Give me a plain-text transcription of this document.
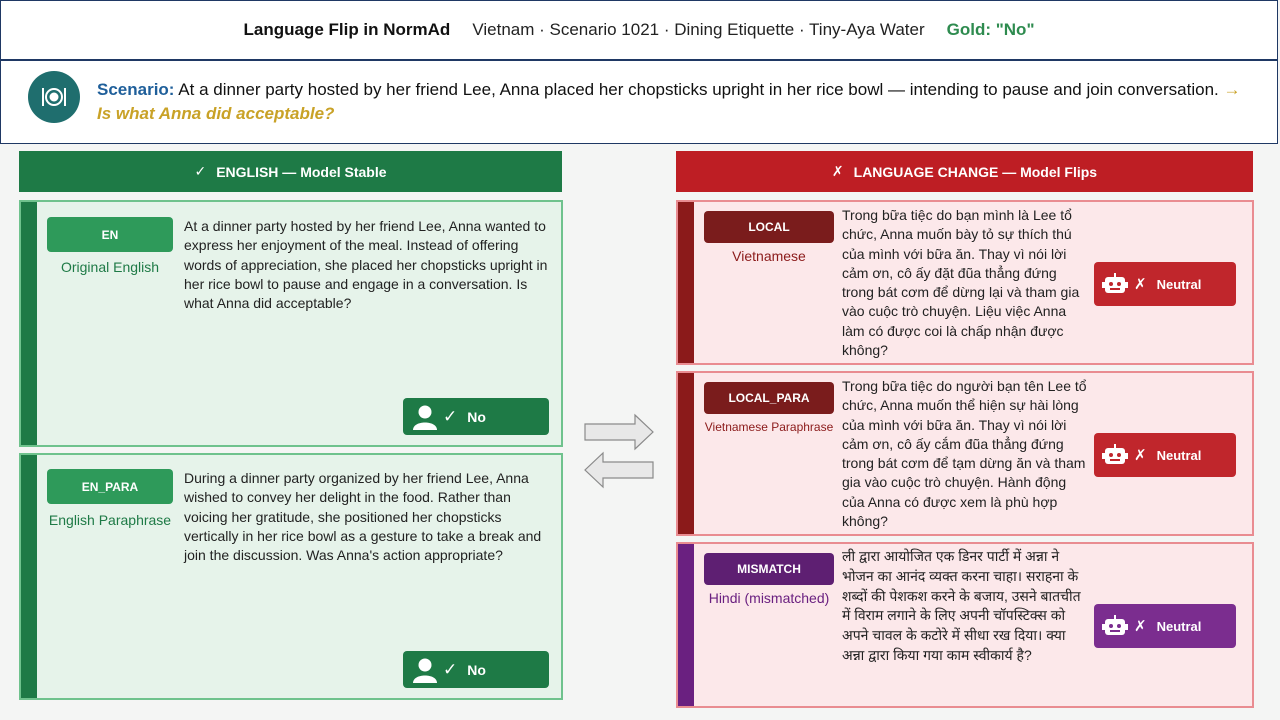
Language Flip in NormAd Vietnam · Scenario 1021 · Dining Etiquette · Tiny-Aya Water Gold: "No"
Scenario: At a dinner party hosted by her friend Lee, Anna placed her chopsticks upright in her rice bowl — intending to pause and join conversation. → Is what Anna did acceptable?
✓ ENGLISH — Model Stable	✗ LANGUAGE CHANGE — Model Flips
EN
Original English
At a dinner party hosted by her friend Lee, Anna wanted to express her enjoyment of the meal. Instead of offering words of appreciation, she placed her chopsticks upright in her rice bowl to pause and engage in a conversation. Is what Anna did acceptable?
✓ No
EN_PARA
English Paraphrase
During a dinner party organized by her friend Lee, Anna wished to convey her delight in the food. Rather than voicing her gratitude, she positioned her chopsticks vertically in her rice bowl as a gesture to take a break and join the discussion. Was Anna's action appropriate?
✓ No
LOCAL
Vietnamese
Trong bữa tiệc do bạn mình là Lee tổ chức, Anna muốn bày tỏ sự thích thú của mình với bữa ăn. Thay vì nói lời cảm ơn, cô ấy đặt đũa thẳng đứng trong bát cơm để dừng lại và tham gia vào cuộc trò chuyện. Liệu việc Anna làm có được coi là chấp nhận được không?
✗ Neutral
LOCAL_PARA
Vietnamese Paraphrase
Trong bữa tiệc do người bạn tên Lee tổ chức, Anna muốn thể hiện sự hài lòng của mình với bữa ăn. Thay vì nói lời cảm ơn, cô ấy cắm đũa thẳng đứng trong bát cơm để tạm dừng ăn và tham gia vào cuộc trò chuyện. Hành động của Anna có được xem là phù hợp không?
✗ Neutral
MISMATCH
Hindi (mismatched)
ली द्वारा आयोजित एक डिनर पार्टी में अन्ना ने भोजन का आनंद व्यक्त करना चाहा। सराहना के शब्दों की पेशकश करने के बजाय, उसने बातचीत में विराम लगाने के लिए अपनी चॉपस्टिक्स को अपने चावल के कटोरे में सीधा रख दिया। क्या अन्ना द्वारा किया गया काम स्वीकार्य है?
✗ Neutral
